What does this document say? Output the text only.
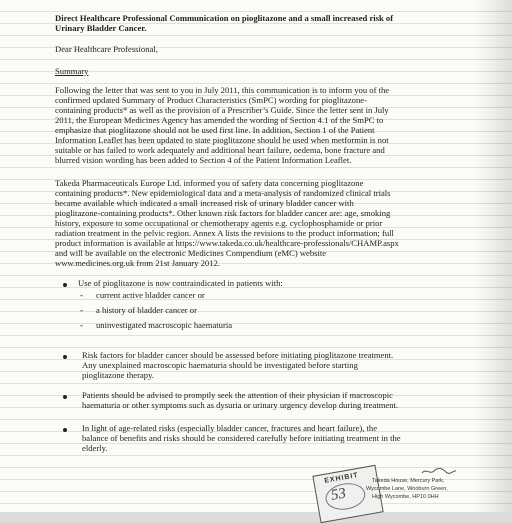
Direct Healthcare Professional Communication on pioglitazone and a small increased risk of
Urinary Bladder Cancer.
Dear Healthcare Professional,
Summary
Following the letter that was sent to you in July 2011, this communication is to inform you of the
confirmed updated Summary of Product Characteristics (SmPC) wording for pioglitazone-
containing products* as well as the provision of a Prescriber’s Guide. Since the letter sent in July
2011, the European Medicines Agency has amended the wording of Section 4.1 of the SmPC to
emphasize that pioglitazone should not be used first line. In addition, Section 1 of the Patient
Information Leaflet has been updated to state pioglitazone should be used when metformin is not
suitable or has failed to work adequately and additional heart failure, oedema, bone fracture and
blurred vision wording has been added to Section 4 of the Patient Information Leaflet.
Takeda Pharmaceuticals Europe Ltd. informed you of safety data concerning pioglitazone
containing products*. New epidemiological data and a meta-analysis of randomized clinical trials
became available which indicated a small increased risk of urinary bladder cancer with
pioglitazone-containing products*. Other known risk factors for bladder cancer are: age, smoking
history, exposure to some occupational or chemotherapy agents e.g. cyclophosphamide or prior
radiation treatment in the pelvic region. Annex A lists the revisions to the product information; full
product information is available at https://www.takeda.co.uk/healthcare-professionals/CHAMP.aspx
and will be available on the electronic Medicines Compendium (eMC) website
www.medicines.org.uk from 21st January 2012.
Use of pioglitazone is now contraindicated in patients with:
- current active bladder cancer or
- a history of bladder cancer or
- uninvestigated macroscopic haematuria
Risk factors for bladder cancer should be assessed before initiating pioglitazone treatment.
Any unexplained macroscopic haematuria should be investigated before starting
pioglitazone therapy.
Patients should be advised to promptly seek the attention of their physician if macroscopic
haematuria or other symptoms such as dysuria or urinary urgency develop during treatment.
In light of age-related risks (especially bladder cancer, fractures and heart failure), the
balance of benefits and risks should be considered carefully before initiating treatment in the
elderly.
EXHIBIT
53
Takeda House, Mercury Park,
Wycombe Lane, Wooburn Green,
High Wycombe, HP10 0HH
